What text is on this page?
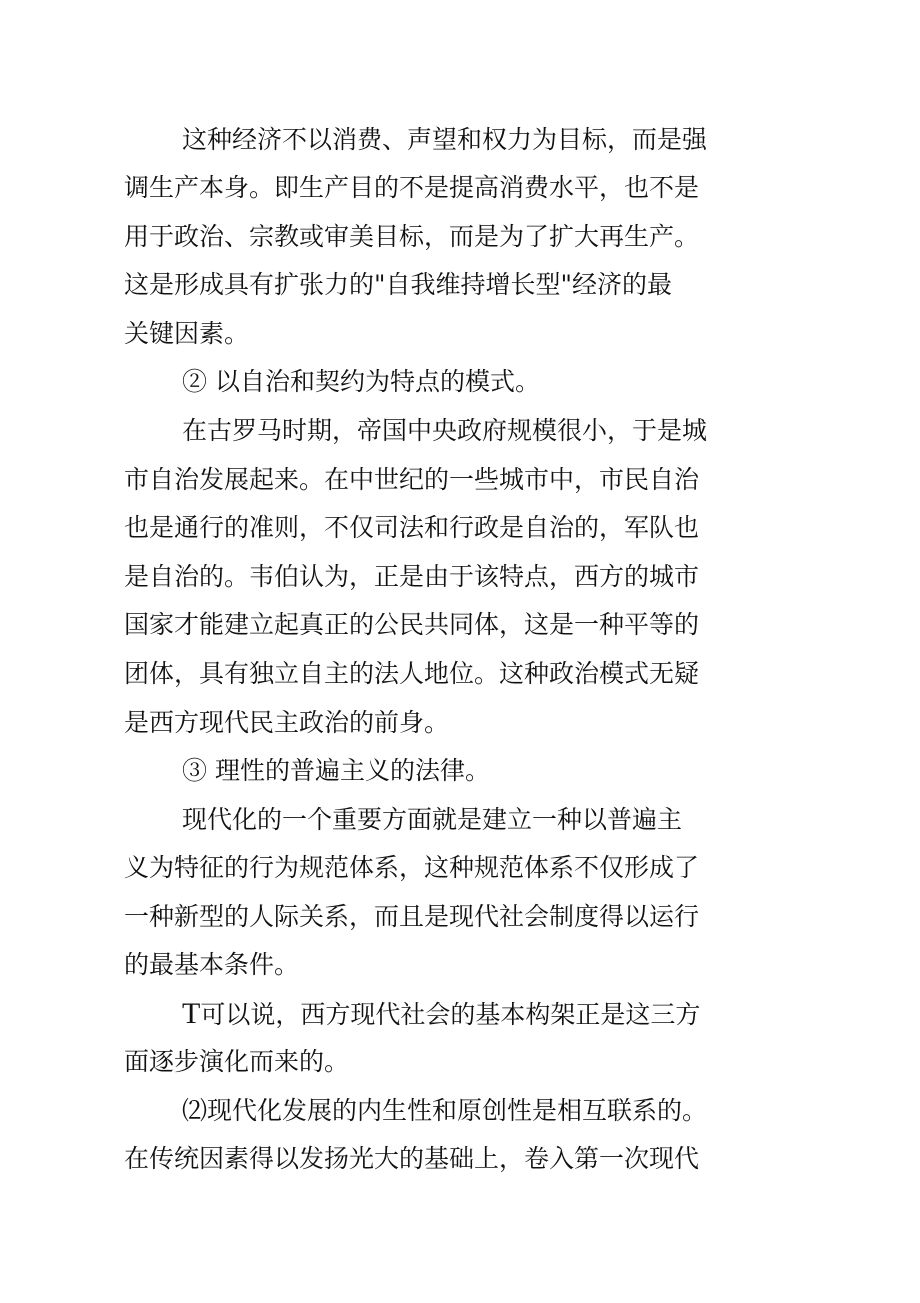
这种经济不以消费、声望和权力为目标，而是强
调生产本身。即生产目的不是提高消费水平，也不是
用于政治、宗教或审美目标，而是为了扩大再生产。
这是形成具有扩张力的"自我维持增长型"经济的最
关键因素。
② 以自治和契约为特点的模式。
在古罗马时期，帝国中央政府规模很小，于是城
市自治发展起来。在中世纪的一些城市中，市民自治
也是通行的准则，不仅司法和行政是自治的，军队也
是自治的。韦伯认为，正是由于该特点，西方的城市
国家才能建立起真正的公民共同体，这是一种平等的
团体，具有独立自主的法人地位。这种政治模式无疑
是西方现代民主政治的前身。
③ 理性的普遍主义的法律。
现代化的一个重要方面就是建立一种以普遍主
义为特征的行为规范体系，这种规范体系不仅形成了
一种新型的人际关系，而且是现代社会制度得以运行
的最基本条件。
T可以说，西方现代社会的基本构架正是这三方
面逐步演化而来的。
⑵现代化发展的内生性和原创性是相互联系的。
在传统因素得以发扬光大的基础上，卷入第一次现代
